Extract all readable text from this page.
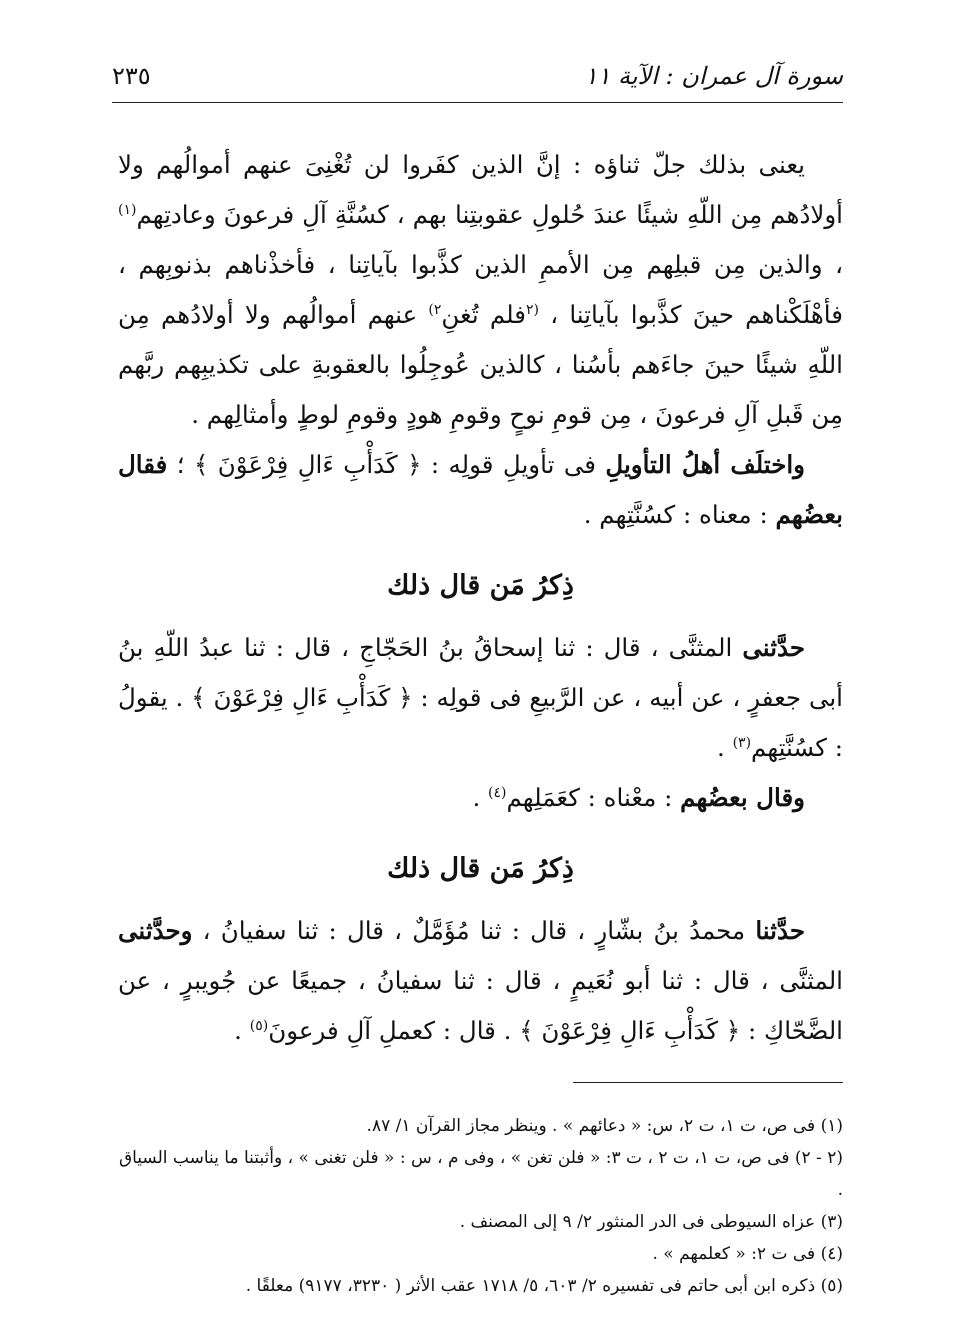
سورة آل عمران : الآية ١١
٢٣٥

يعنى بذلك جلّ ثناؤه : إنَّ الذين كفَروا لن تُغْنِىَ عنهم أموالُهم ولا أولادُهم مِن اللّهِ شيئًا عندَ حُلولِ عقوبتِنا بهم ، كسُنَّةِ آلِ فرعونَ وعادتِهم$^{(١)}$ ، والذين مِن قبلِهم مِن الأممِ الذين كذَّبوا بآياتِنا ، فأخذْناهم بذنوبِهم ، فأهْلَكْناهم حينَ كذَّبوا بآياتِنا ، $^{(٢}$فلم تُغنِ$^{٢)}$ عنهم أموالُهم ولا أولادُهم مِن اللّهِ شيئًا حينَ جاءَهم بأسُنا ، كالذين عُوجِلُوا بالعقوبةِ على تكذيبِهم ربَّهم مِن قَبلِ آلِ فرعونَ ، مِن قومِ نوحٍ وقومِ هودٍ وقومِ لوطٍ وأمثالِهم .

واختلَف أهلُ التأويلِ فى تأويلِ قولِه : ﴿ كَدَأْبِ ءَالِ فِرْعَوْنَ ﴾ ؛ فقال بعضُهم : معناه : كسُنَّتِهم .

ذِكرُ مَن قال ذلك

حدَّثنى المثنَّى ، قال : ثنا إسحاقُ بنُ الحَجّاجِ ، قال : ثنا عبدُ اللّهِ بنُ أبى جعفرٍ ، عن أبيه ، عن الرَّبيعِ فى قولِه : ﴿ كَدَأْبِ ءَالِ فِرْعَوْنَ ﴾ . يقولُ : كسُنَّتِهم$^{(٣)}$ .

وقال بعضُهم : معْناه : كعَمَلِهم$^{(٤)}$ .

ذِكرُ مَن قال ذلك

حدَّثنا محمدُ بنُ بشّارٍ ، قال : ثنا مُؤَمَّلٌ ، قال : ثنا سفيانُ ، وحدَّثنى المثنَّى ، قال : ثنا أبو نُعَيمٍ ، قال : ثنا سفيانُ ، جميعًا عن جُويبرٍ ، عن الضَّحّاكِ : ﴿ كَدَأْبِ ءَالِ فِرْعَوْنَ ﴾ . قال : كعملِ آلِ فرعونَ$^{(٥)}$ .

(١) فى ص، ت ١، ت ٢، س: « دعائهم » . وينظر مجاز القرآن ١/ ٨٧.

(٢ - ٢) فى ص، ت ١، ت ٢ ، ت ٣: « فلن تغن » ، وفى م ، س : « فلن تغنى » ، وأثبتنا ما يناسب السياق .

(٣) عزاه السيوطى فى الدر المنثور ٢/ ٩ إلى المصنف .

(٤) فى ت ٢: « كعلمهم » .

(٥) ذكره ابن أبى حاتم فى تفسيره ٢/ ٦٠٣، ٥/ ١٧١٨ عقب الأثر ( ٣٢٣٠، ٩١٧٧) معلقًا .
